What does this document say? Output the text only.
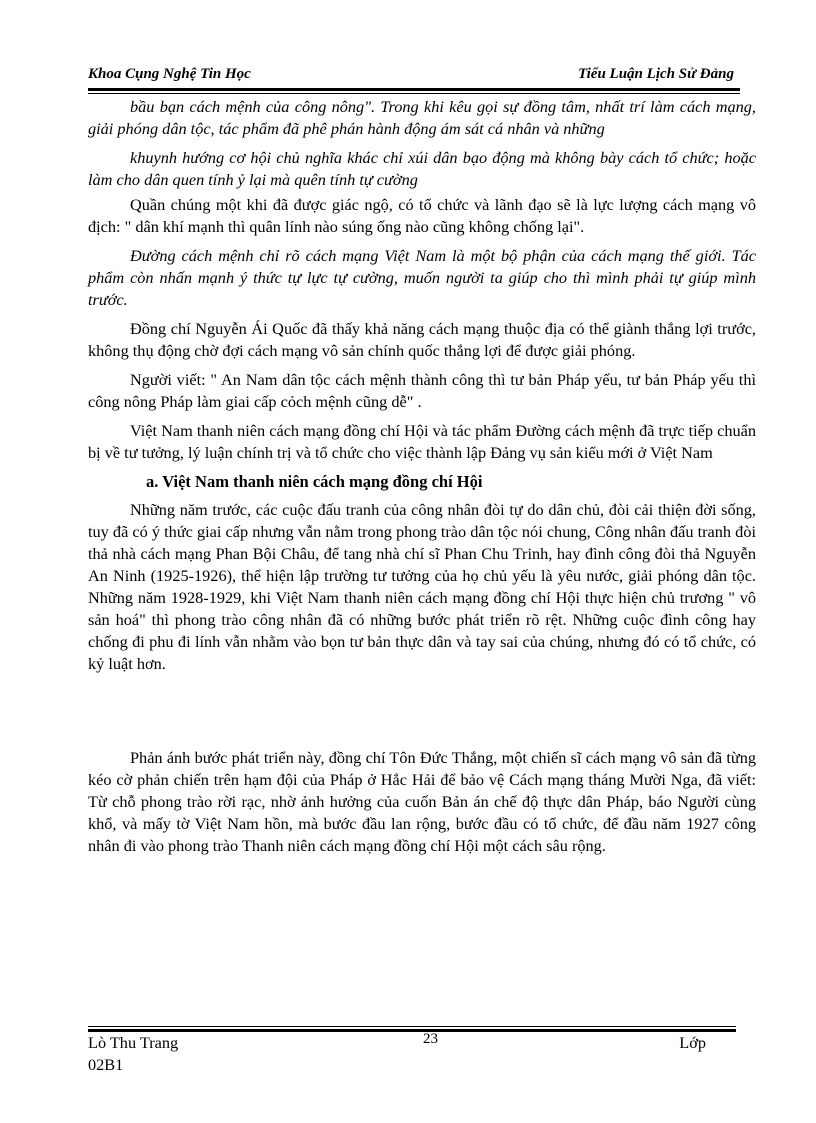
Khoa Cụng Nghệ Tin Học	Tiểu Luận Lịch Sử Đảng

bầu bạn cách mệnh của công nông". Trong khi kêu gọi sự đồng tâm, nhất trí làm cách mạng, giải phóng dân tộc, tác phẩm đã phê phán hành động ám sát cá nhân và những

khuynh hướng cơ hội chủ nghĩa khác chỉ xúi dân bạo động mà không bày cách tổ chức; hoặc làm cho dân quen tính ỷ lại mà quên tính tự cường

Quần chúng một khi đã được giác ngộ, có tổ chức và lãnh đạo sẽ là lực lượng cách mạng vô địch: " dân khí mạnh thì quân lính nào súng ống nào cũng không chống lại".

Đường cách mệnh chỉ rõ cách mạng Việt Nam là một bộ phận của cách mạng thế giới. Tác phẩm còn nhấn mạnh ý thức tự lực tự cường, muốn người ta giúp cho thì mình phải tự giúp mình trước.

Đồng chí Nguyễn Ái Quốc đã thấy khả năng cách mạng thuộc địa có thể giành thắng lợi trước, không thụ động chờ đợi cách mạng vô sản chính quốc thắng lợi để được giải phóng.

Người viết: " An Nam dân tộc cách mệnh thành công thì tư bản Pháp yếu, tư bản Pháp yếu thì công nông Pháp làm giai cấp cỏch mệnh cũng dễ" .

Việt Nam thanh niên cách mạng đồng chí Hội và tác phẩm Đường cách mệnh đã trực tiếp chuẩn bị về tư tưởng, lý luận chính trị và tổ chức cho việc thành lập Đảng vụ sản kiểu mới ở Việt Nam

a. Việt Nam thanh niên cách mạng đồng chí Hội

Những năm trước, các cuộc đấu tranh của công nhân đòi tự do dân chủ, đòi cải thiện đời sống, tuy đã có ý thức giai cấp nhưng vẫn nằm trong phong trào dân tộc nói chung, Công nhân đấu tranh đòi thả nhà cách mạng Phan Bội Châu, để tang nhà chí sĩ Phan Chu Trinh, hay đình công đòi thả Nguyễn An Ninh (1925-1926), thể hiện lập trường tư tưởng của họ chủ yếu là yêu nước, giải phóng dân tộc. Những năm 1928-1929, khi Việt Nam thanh niên cách mạng đồng chí Hội thực hiện chủ trương " vô sản hoá" thì phong trào công nhân đã có những bước phát triển rõ rệt. Những cuộc đình công hay chống đi phu đi lính vẫn nhằm vào bọn tư bản thực dân và tay sai của chúng, nhưng đó có tổ chức, có kỷ luật hơn.

Phản ánh bước phát triển này, đồng chí Tôn Đức Thắng, một chiến sĩ cách mạng vô sản đã từng kéo cờ phản chiến trên hạm đội của Pháp ở Hắc Hải để bảo vệ Cách mạng tháng Mười Nga, đã viết: Từ chỗ phong trào rời rạc, nhờ ảnh hưởng của cuốn Bản án chế độ thực dân Pháp, báo Người cùng khổ, và mấy tờ Việt Nam hồn, mà bước đầu lan rộng, bước đầu có tổ chức, để đầu năm 1927 công nhân đi vào phong trào Thanh niên cách mạng đồng chí Hội một cách sâu rộng.

Lò Thu Trang
02B1
23	Lớp
